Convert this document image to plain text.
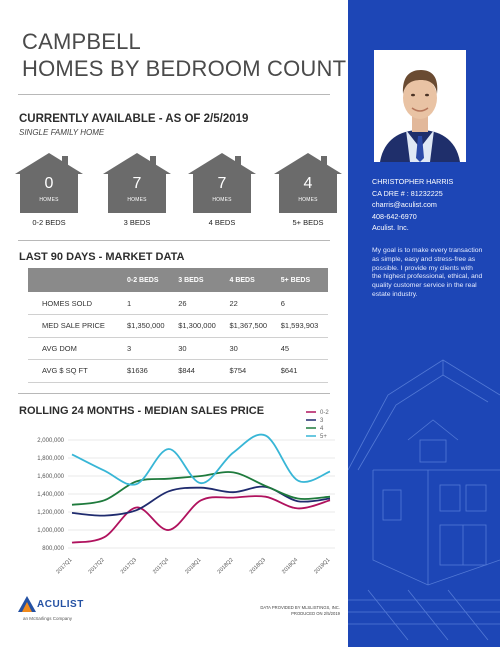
CAMPBELL
HOMES BY BEDROOM COUNT
CURRENTLY AVAILABLE - AS OF 2/5/2019
SINGLE FAMILY HOME
0
HOMES
0-2 BEDS
7
HOMES
3 BEDS
7
HOMES
4 BEDS
4
HOMES
5+ BEDS
LAST 90 DAYS - MARKET DATA
	0-2 BEDS	3 BEDS	4 BEDS	5+ BEDS
HOMES SOLD	1	26	22	6
MED SALE PRICE	$1,350,000	$1,300,000	$1,367,500	$1,593,903
AVG DOM	3	30	30	45
AVG $ SQ FT	$1636	$844	$754	$641
ROLLING 24 MONTHS - MEDIAN SALES PRICE
2,000,000
1,800,000
1,600,000
1,400,000
1,200,000
1,000,000
800,000
2017Q1	2017Q2	2017Q3	2017Q4	2018Q1	2018Q2	2018Q3	2018Q4	2019Q1
0-2
3
4
5+
ACULIST
an McSarlings Company
DATA PROVIDED BY MLSLISTINGS, INC.
PRODUCED ON 2/5/2019
CHRISTOPHER HARRIS
CA DRE # : 81232225
charris@aculist.com
408-642-6970
Aculist. Inc.
My goal is to make every transaction as simple, easy and stress-free as possible. I provide my clients with the highest professional, ethical, and quality customer service in the real estate industry.
